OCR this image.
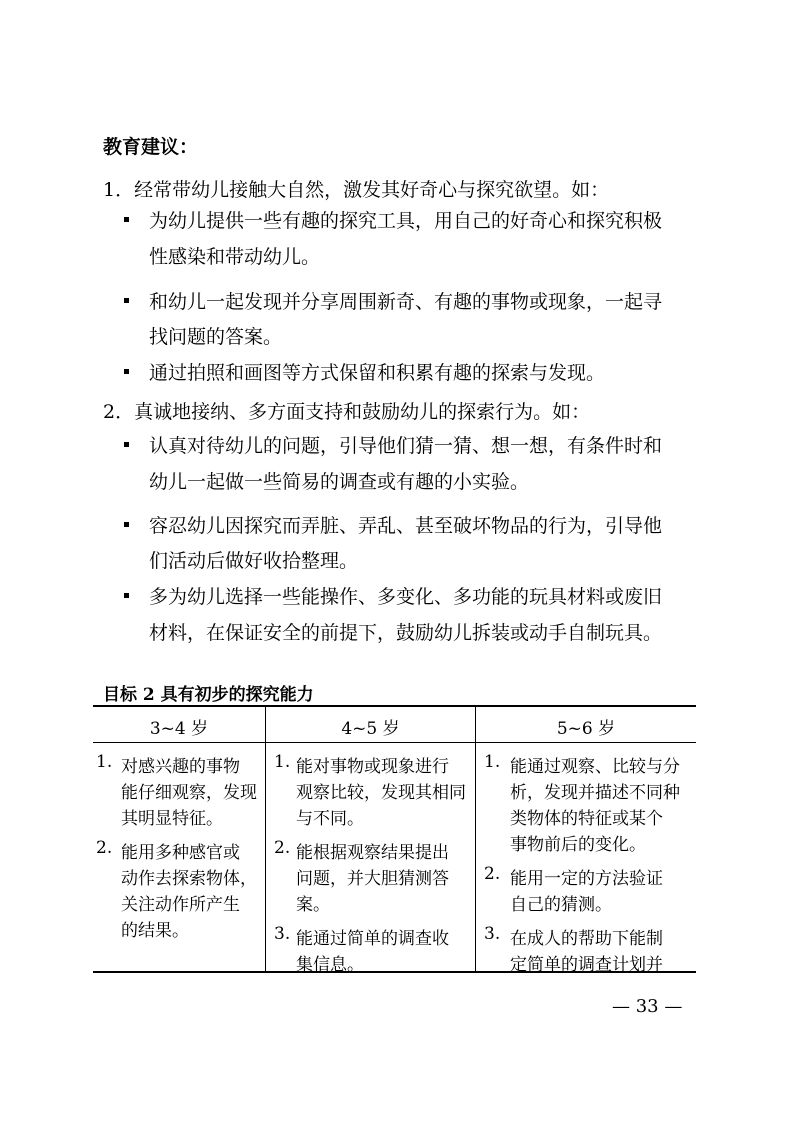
教育建议：
1．经常带幼儿接触大自然，激发其好奇心与探究欲望。如：
为幼儿提供一些有趣的探究工具，用自己的好奇心和探究积极
性感染和带动幼儿。
和幼儿一起发现并分享周围新奇、有趣的事物或现象，一起寻
找问题的答案。
通过拍照和画图等方式保留和积累有趣的探索与发现。
2．真诚地接纳、多方面支持和鼓励幼儿的探索行为。如：
认真对待幼儿的问题，引导他们猜一猜、想一想，有条件时和
幼儿一起做一些简易的调查或有趣的小实验。
容忍幼儿因探究而弄脏、弄乱、甚至破坏物品的行为，引导他
们活动后做好收拾整理。
多为幼儿选择一些能操作、多变化、多功能的玩具材料或废旧
材料，在保证安全的前提下，鼓励幼儿拆装或动手自制玩具。
目标 2 具有初步的探究能力
3~4 岁	4~5 岁	5~6 岁
1. 对感兴趣的事物
能仔细观察，发现
其明显特征。
2. 能用多种感官或
动作去探索物体，
关注动作所产生
的结果。
1. 能对事物或现象进行
观察比较，发现其相同
与不同。
2. 能根据观察结果提出
问题，并大胆猜测答
案。
3. 能通过简单的调查收
集信息。
1. 能通过观察、比较与分
析，发现并描述不同种
类物体的特征或某个
事物前后的变化。
2. 能用一定的方法验证
自己的猜测。
3. 在成人的帮助下能制
定简单的调查计划并
— 33 —
